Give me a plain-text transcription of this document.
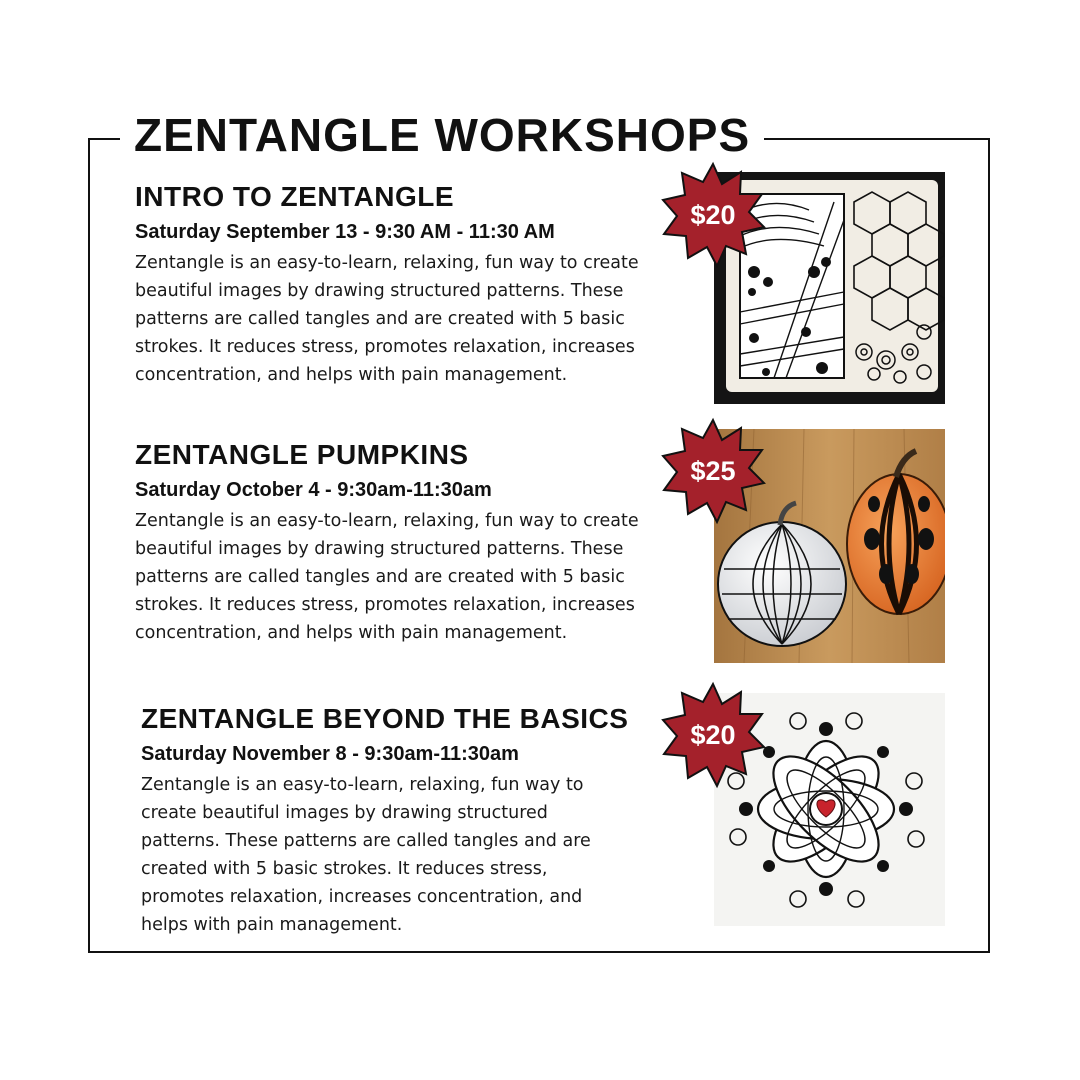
ZENTANGLE WORKSHOPS
INTRO TO ZENTANGLE
Saturday September 13 - 9:30 AM - 11:30 AM

Zentangle is an easy-to-learn, relaxing, fun way to create beautiful images by drawing structured patterns. These patterns are called tangles and are created with 5 basic strokes. It reduces stress, promotes relaxation, increases concentration, and helps with pain management.

ZENTANGLE PUMPKINS
Saturday October 4 - 9:30am-11:30am

Zentangle is an easy-to-learn, relaxing, fun way to create beautiful images by drawing structured patterns. These patterns are called tangles and are created with 5 basic strokes. It reduces stress, promotes relaxation, increases concentration, and helps with pain management.

ZENTANGLE BEYOND THE BASICS
Saturday November 8 - 9:30am-11:30am

Zentangle is an easy-to-learn, relaxing, fun way to create beautiful images by drawing structured patterns. These patterns are called tangles and are created with 5 basic strokes. It reduces stress, promotes relaxation, increases concentration, and helps with pain management.

$20
$25
$20
